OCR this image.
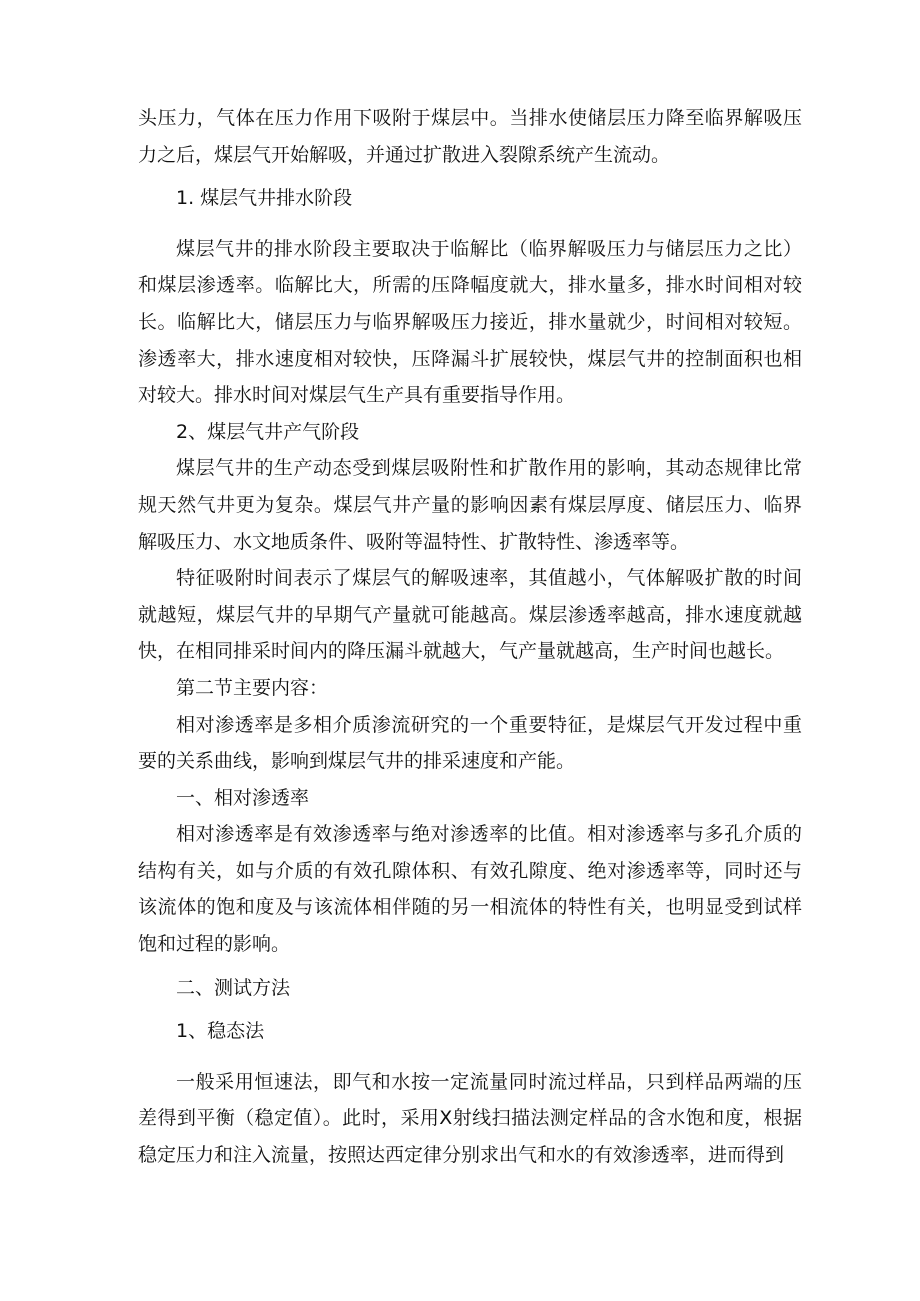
头压力，气体在压力作用下吸附于煤层中。当排水使储层压力降至临界解吸压力之后，煤层气开始解吸，并通过扩散进入裂隙系统产生流动。

1. 煤层气井排水阶段

煤层气井的排水阶段主要取决于临解比（临界解吸压力与储层压力之比）和煤层渗透率。临解比大，所需的压降幅度就大，排水量多，排水时间相对较长。临解比大，储层压力与临界解吸压力接近，排水量就少，时间相对较短。渗透率大，排水速度相对较快，压降漏斗扩展较快，煤层气井的控制面积也相对较大。排水时间对煤层气生产具有重要指导作用。

2、煤层气井产气阶段

煤层气井的生产动态受到煤层吸附性和扩散作用的影响，其动态规律比常规天然气井更为复杂。煤层气井产量的影响因素有煤层厚度、储层压力、临界解吸压力、水文地质条件、吸附等温特性、扩散特性、渗透率等。

特征吸附时间表示了煤层气的解吸速率，其值越小，气体解吸扩散的时间就越短，煤层气井的早期气产量就可能越高。煤层渗透率越高，排水速度就越快，在相同排采时间内的降压漏斗就越大，气产量就越高，生产时间也越长。

第二节主要内容：

相对渗透率是多相介质渗流研究的一个重要特征，是煤层气开发过程中重要的关系曲线，影响到煤层气井的排采速度和产能。

一、相对渗透率

相对渗透率是有效渗透率与绝对渗透率的比值。相对渗透率与多孔介质的结构有关，如与介质的有效孔隙体积、有效孔隙度、绝对渗透率等，同时还与该流体的饱和度及与该流体相伴随的另一相流体的特性有关，也明显受到试样饱和过程的影响。

二、测试方法

1、稳态法

一般采用恒速法，即气和水按一定流量同时流过样品，只到样品两端的压差得到平衡（稳定值）。此时，采用X射线扫描法测定样品的含水饱和度，根据稳定压力和注入流量，按照达西定律分别求出气和水的有效渗透率，进而得到
